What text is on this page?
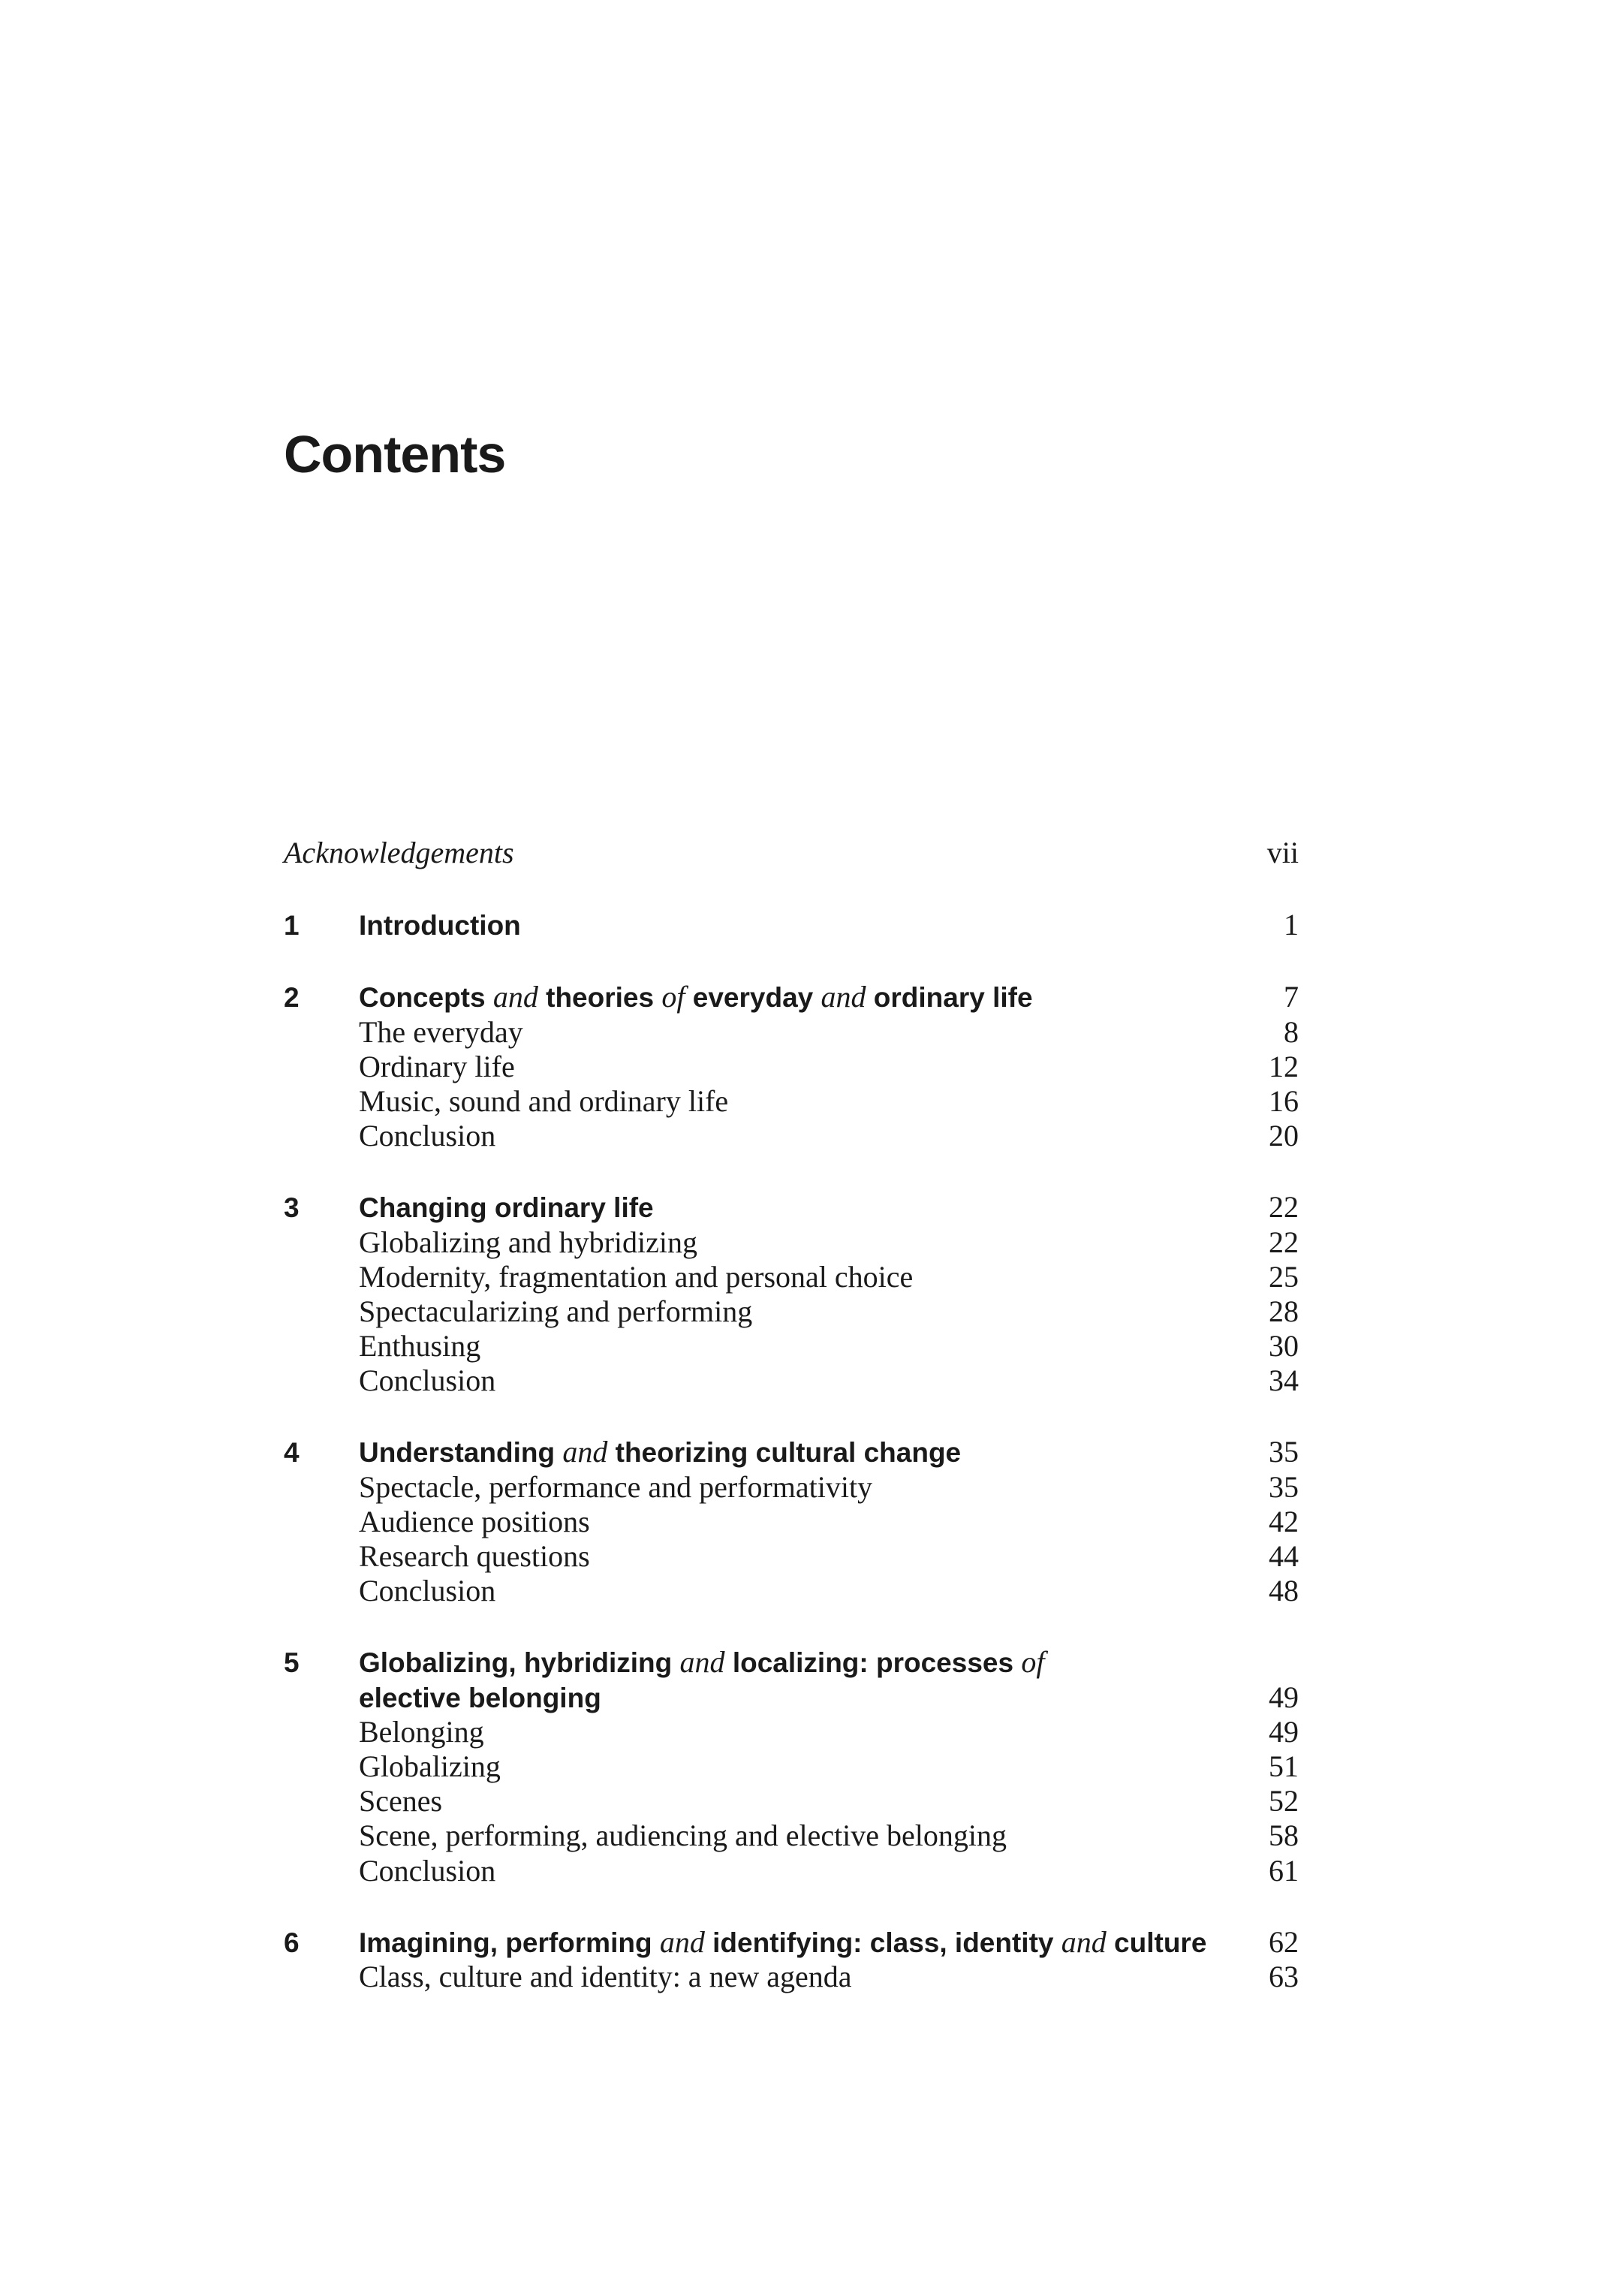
Contents
Acknowledgements	vii
1	Introduction	1
2	Concepts and theories of everyday and ordinary life	7
The everyday	8
Ordinary life	12
Music, sound and ordinary life	16
Conclusion	20
3	Changing ordinary life	22
Globalizing and hybridizing	22
Modernity, fragmentation and personal choice	25
Spectacularizing and performing	28
Enthusing	30
Conclusion	34
4	Understanding and theorizing cultural change	35
Spectacle, performance and performativity	35
Audience positions	42
Research questions	44
Conclusion	48
5	Globalizing, hybridizing and localizing: processes of
elective belonging	49
Belonging	49
Globalizing	51
Scenes	52
Scene, performing, audiencing and elective belonging	58
Conclusion	61
6	Imagining, performing and identifying: class, identity and culture	62
Class, culture and identity: a new agenda	63
